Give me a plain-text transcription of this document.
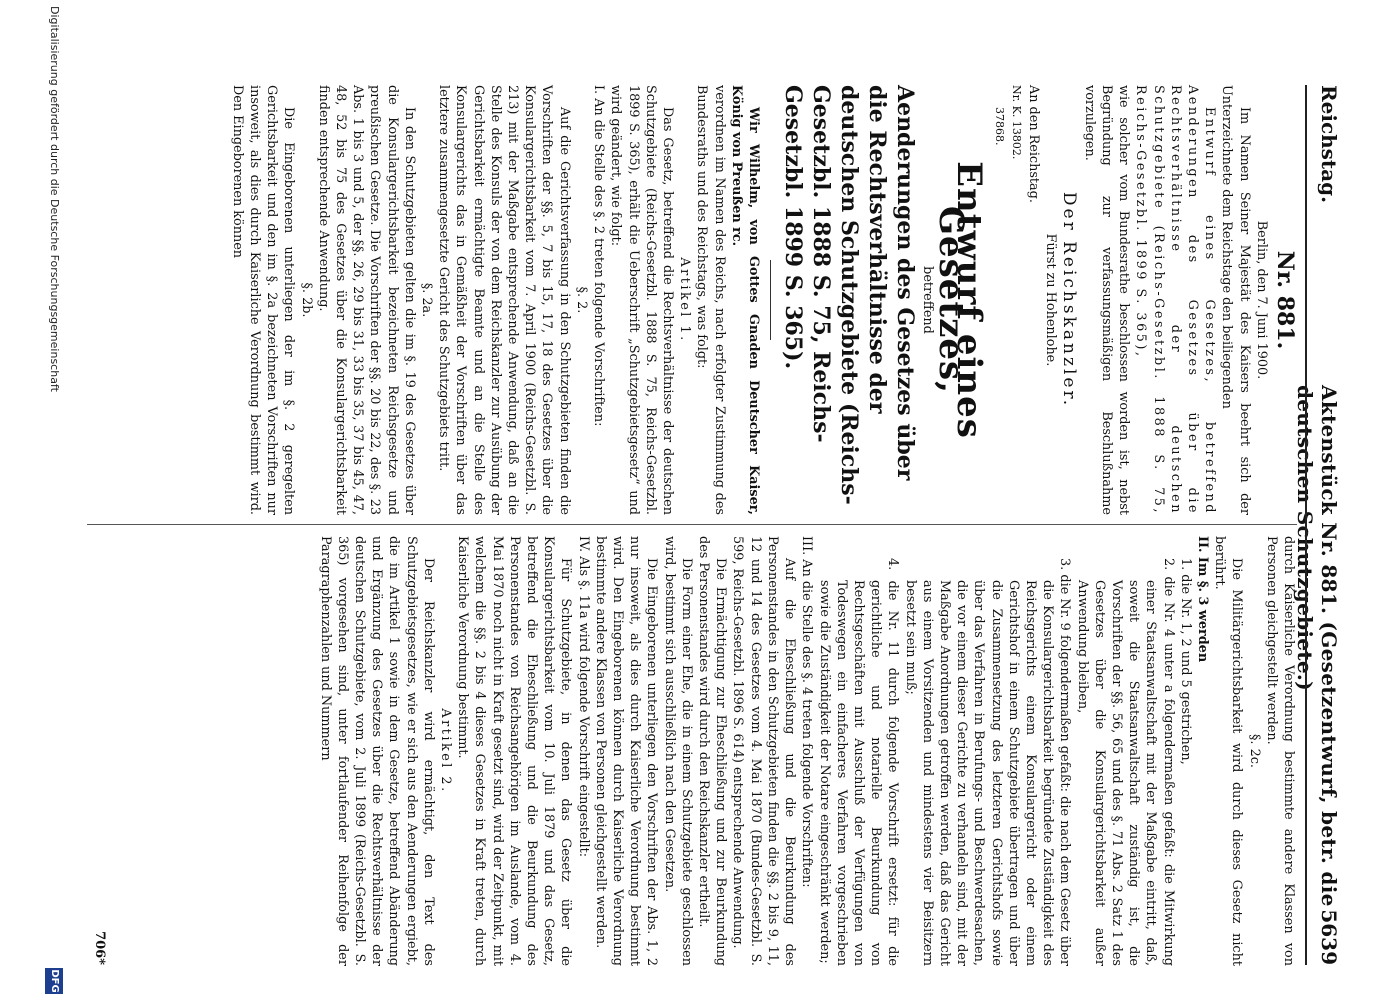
Reichstag.
Aktenstück Nr. 881. (Gesetzentwurf, betr. die deutschen Schutzgebiete.)
5639

Nr. 881.

Berlin, den 7. Juni 1900.

Im Namen Seiner Majestät des Kaisers beehrt sich der Unterzeichnete dem Reichstage den beiliegenden

Entwurf eines Gesetzes, betreffend Aenderungen des Gesetzes über die Rechtsverhältnisse der deutschen Schutzgebiete (Reichs-Gesetzbl. 1888 S. 75, Reichs-Gesetzbl. 1899 S. 365),

wie solcher vom Bundesrathe beschlossen worden ist, nebst Begründung zur verfassungsmäßigen Beschlußnahme vorzulegen.

Der Reichskanzler.

Fürst zu Hohenlohe.

An den Reichstag.

Nr. K. 13802.

37868.

Entwurf eines Gesetzes,

betreffend

Aenderungen des Gesetzes über die Rechtsverhältnisse der deutschen Schutzgebiete (Reichs-Gesetzbl. 1888 S. 75, Reichs-Gesetzbl. 1899 S. 365).

Wir Wilhelm, von Gottes Gnaden Deutscher Kaiser, König von Preußen rc.

verordnen im Namen des Reichs, nach erfolgter Zustimmung des Bundesraths und des Reichstags, was folgt:

Artikel 1.

Das Gesetz, betreffend die Rechtsverhältnisse der deutschen Schutzgebiete (Reichs-Gesetzbl. 1888 S. 75, Reichs-Gesetzbl. 1899 S. 365), erhält die Ueberschrift „Schutzgebietsgesetz“ und wird geändert, wie folgt:

I. An die Stelle des §. 2 treten folgende Vorschriften:

§. 2.

Auf die Gerichtsverfassung in den Schutzgebieten finden die Vorschriften der §§. 5, 7 bis 15, 17, 18 des Gesetzes über die Konsulargerichtsbarkeit vom 7. April 1900 (Reichs-Gesetzbl. S. 213) mit der Maßgabe entsprechende Anwendung, daß an die Stelle des Konsuls der von dem Reichskanzler zur Ausübung der Gerichtsbarkeit ermächtigte Beamte und an die Stelle des Konsulargerichts das in Gemäßheit der Vorschriften über das letztere zusammengesetzte Gericht des Schutzgebiets tritt.

§. 2a.

In den Schutzgebieten gelten die im §. 19 des Gesetzes über die Konsulargerichtsbarkeit bezeichneten Reichsgesetze und preußischen Gesetze. Die Vorschriften der §§. 20 bis 22, des §. 23 Abs. 1 bis 3 und 5, der §§. 26, 29 bis 31, 33 bis 35, 37 bis 45, 47, 48, 52 bis 75 des Gesetzes über die Konsulargerichtsbarkeit finden entsprechende Anwendung.

§. 2b.

Die Eingeborenen unterliegen der im §. 2 geregelten Gerichtsbarkeit und den im §. 2a bezeichneten Vorschriften nur insoweit, als dies durch Kaiserliche Verordnung bestimmt wird. Den Eingeborenen können

durch Kaiserliche Verordnung bestimmte andere Klassen von Personen gleichgestellt werden.

§. 2c.

Die Militärgerichtsbarkeit wird durch dieses Gesetz nicht berührt.

II. Im §. 3 werden

1. die Nr. 1, 2 und 5 gestrichen,

2. die Nr. 4 unter a folgendermaßen gefaßt: die Mitwirkung einer Staatsanwaltschaft mit der Maßgabe eintritt, daß, soweit die Staatsanwaltschaft zuständig ist, die Vorschriften der §§. 56, 65 und des §. 71 Abs. 2 Satz 1 des Gesetzes über die Konsulargerichtsbarkeit außer Anwendung bleiben,

3. die Nr. 9 folgendermaßen gefaßt: die nach dem Gesetz über die Konsulargerichtsbarkeit begründete Zuständigkeit des Reichsgerichts einem Konsulargericht oder einem Gerichtshof in einem Schutzgebiete übertragen und über die Zusammensetzung des letzteren Gerichtshofs sowie über das Verfahren in Berufungs- und Beschwerdesachen, die vor einem dieser Gerichte zu verhandeln sind, mit der Maßgabe Anordnungen getroffen werden, daß das Gericht aus einem Vorsitzenden und mindestens vier Beisitzern besetzt sein muß;

4. die Nr. 11 durch folgende Vorschrift ersetzt: für die gerichtliche und notarielle Beurkundung von Rechtsgeschäften mit Ausschluß der Verfügungen von Todeswegen ein einfacheres Verfahren vorgeschrieben sowie die Zuständigkeit der Notare eingeschränkt werden;

III. An die Stelle des §. 4 treten folgende Vorschriften:

Auf die Eheschließung und die Beurkundung des Personenstandes in den Schutzgebieten finden die §§. 2 bis 9, 11, 12 und 14 des Gesetzes vom 4. Mai 1870 (Bundes-Gesetzbl. S. 599, Reichs-Gesetzbl. 1896 S. 614) entsprechende Anwendung.

Die Ermächtigung zur Eheschließung und zur Beurkundung des Personenstandes wird durch den Reichskanzler ertheilt.

Die Form einer Ehe, die in einem Schutzgebiete geschlossen wird, bestimmt sich ausschließlich nach den Gesetzen.

Die Eingeborenen unterliegen den Vorschriften der Abs. 1, 2 nur insoweit, als dies durch Kaiserliche Verordnung bestimmt wird. Den Eingeborenen können durch Kaiserliche Verordnung bestimmte andere Klassen von Personen gleichgestellt werden.

IV. Als §. 11a wird folgende Vorschrift eingestellt:

Für Schutzgebiete, in denen das Gesetz über die Konsulargerichtsbarkeit vom 10. Juli 1879 und das Gesetz, betreffend die Eheschließung und die Beurkundung des Personenstandes von Reichsangehörigen im Auslande, vom 4. Mai 1870 noch nicht in Kraft gesetzt sind, wird der Zeitpunkt, mit welchem die §§. 2 bis 4 dieses Gesetzes in Kraft treten, durch Kaiserliche Verordnung bestimmt.

Artikel 2.

Der Reichskanzler wird ermächtigt, den Text des Schutzgebietsgesetzes, wie er sich aus den Aenderungen ergiebt, die im Artikel 1 sowie in dem Gesetze, betreffend Abänderung und Ergänzung des Gesetzes über die Rechtsverhältnisse der deutschen Schutzgebiete, vom 2. Juli 1899 (Reichs-Gesetzbl. S. 365) vorgesehen sind, unter fortlaufender Reihenfolge der Paragraphenzahlen und Nummern

706*
Digitalisierung gefördert durch die Deutsche Forschungsgemeinschaft
DFG
